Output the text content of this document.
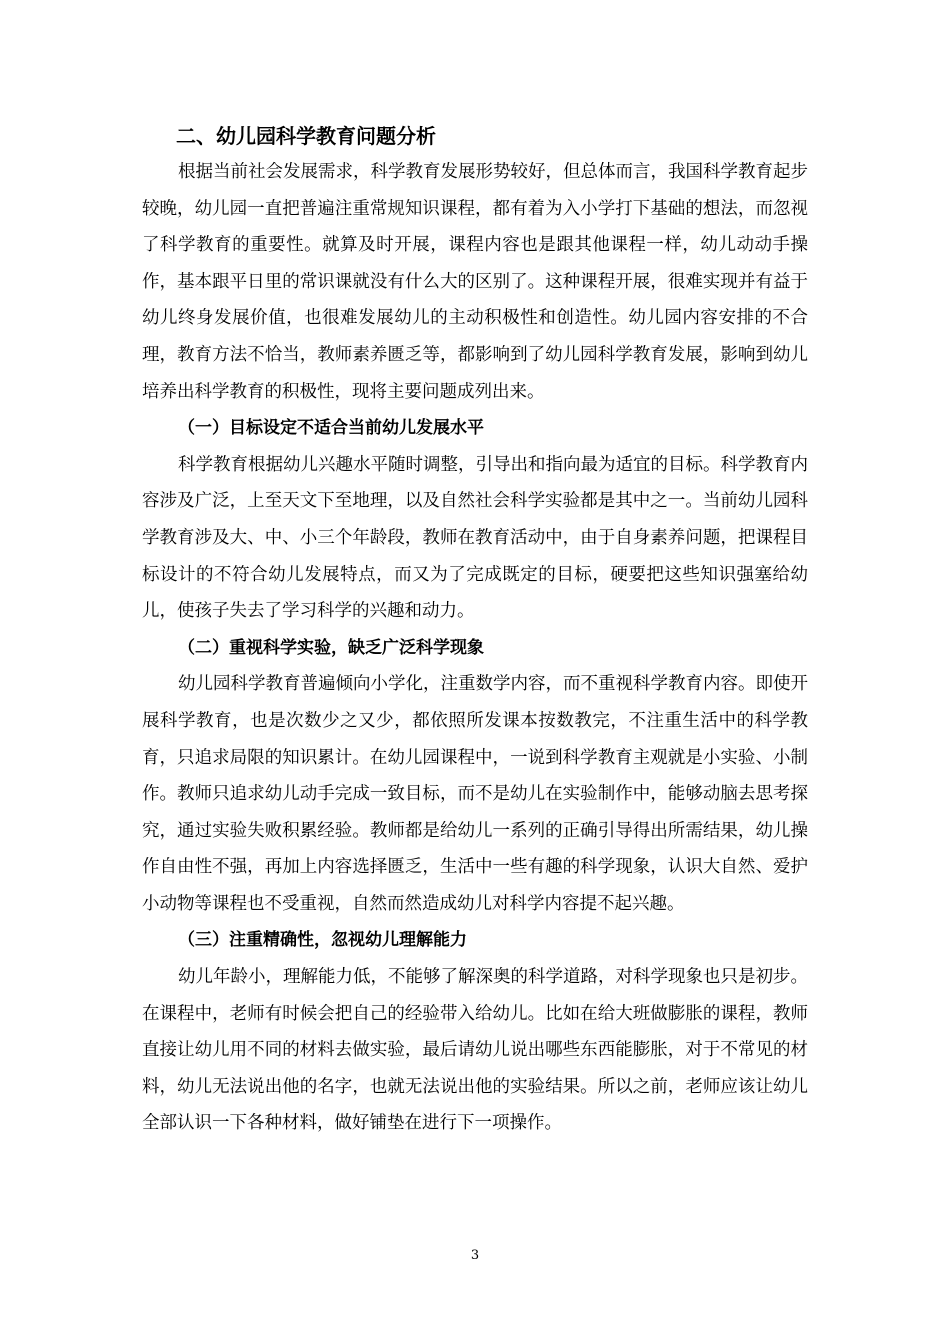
二、幼儿园科学教育问题分析

根据当前社会发展需求，科学教育发展形势较好，但总体而言，我国科学教育起步较晚，幼儿园一直把普遍注重常规知识课程，都有着为入小学打下基础的想法，而忽视了科学教育的重要性。就算及时开展，课程内容也是跟其他课程一样，幼儿动动手操作，基本跟平日里的常识课就没有什么大的区别了。这种课程开展，很难实现并有益于幼儿终身发展价值，也很难发展幼儿的主动积极性和创造性。幼儿园内容安排的不合理，教育方法不恰当，教师素养匮乏等，都影响到了幼儿园科学教育发展，影响到幼儿培养出科学教育的积极性，现将主要问题成列出来。

（一）目标设定不适合当前幼儿发展水平

科学教育根据幼儿兴趣水平随时调整，引导出和指向最为适宜的目标。科学教育内容涉及广泛，上至天文下至地理，以及自然社会科学实验都是其中之一。当前幼儿园科学教育涉及大、中、小三个年龄段，教师在教育活动中，由于自身素养问题，把课程目标设计的不符合幼儿发展特点，而又为了完成既定的目标，硬要把这些知识强塞给幼儿，使孩子失去了学习科学的兴趣和动力。

（二）重视科学实验，缺乏广泛科学现象

幼儿园科学教育普遍倾向小学化，注重数学内容，而不重视科学教育内容。即使开展科学教育，也是次数少之又少，都依照所发课本按数教完，不注重生活中的科学教育，只追求局限的知识累计。在幼儿园课程中，一说到科学教育主观就是小实验、小制作。教师只追求幼儿动手完成一致目标，而不是幼儿在实验制作中，能够动脑去思考探究，通过实验失败积累经验。教师都是给幼儿一系列的正确引导得出所需结果，幼儿操作自由性不强，再加上内容选择匮乏，生活中一些有趣的科学现象，认识大自然、爱护小动物等课程也不受重视，自然而然造成幼儿对科学内容提不起兴趣。

（三）注重精确性，忽视幼儿理解能力

幼儿年龄小，理解能力低，不能够了解深奥的科学道路，对科学现象也只是初步。在课程中，老师有时候会把自己的经验带入给幼儿。比如在给大班做膨胀的课程，教师直接让幼儿用不同的材料去做实验，最后请幼儿说出哪些东西能膨胀，对于不常见的材料，幼儿无法说出他的名字，也就无法说出他的实验结果。所以之前，老师应该让幼儿全部认识一下各种材料，做好铺垫在进行下一项操作。

3
